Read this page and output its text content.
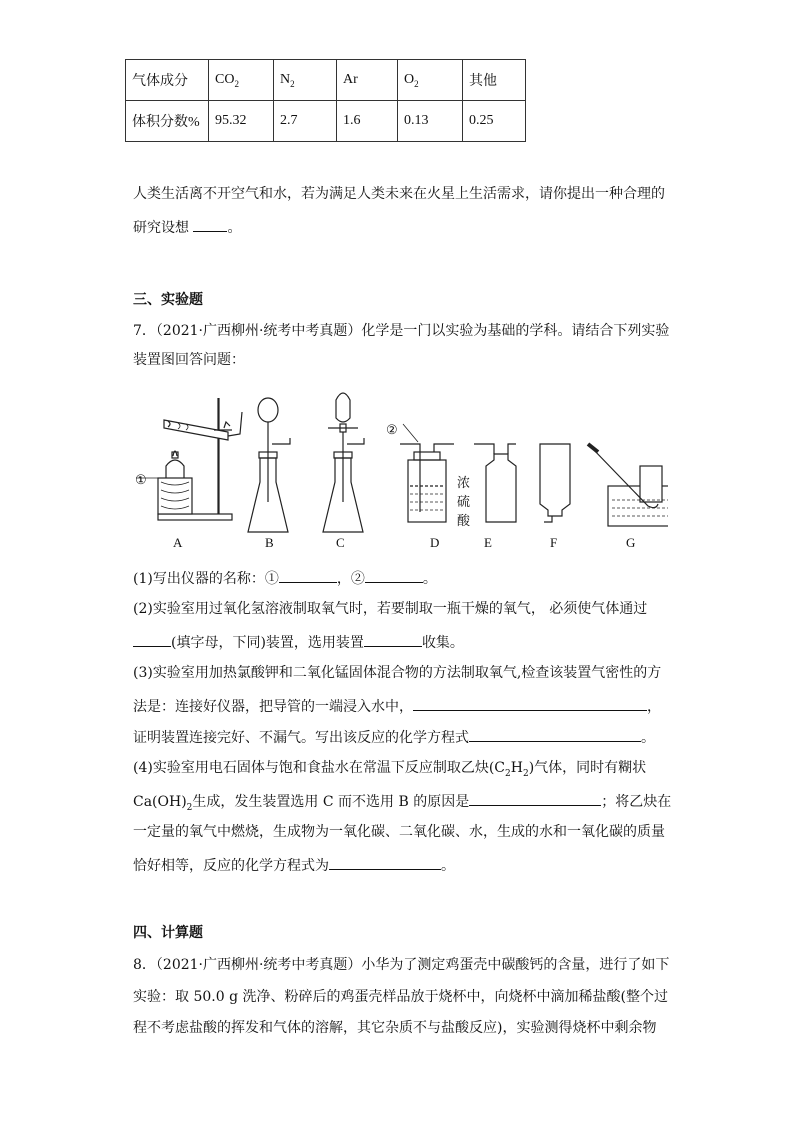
气体成分	$CO_2$	$N_2$	Ar	$O_2$	其他
体积分数%	95.32	2.7	1.6	0.13	0.25
人类生活离不开空气和水，若为满足人类未来在火星上生活需求，请你提出一种合理的
研究设想	。
三、实验题
7．（2021·广西柳州·统考中考真题）化学是一门以实验为基础的学科。请结合下列实验
装置图回答问题：
①
②
浓
硫
酸
A	B	C	D	E	F	G
(1)写出仪器的名称：①	，②	。
(2)实验室用过氧化氢溶液制取氧气时，若要制取一瓶干燥的氧气， 必须使气体通过
(填字母，下同)装置，选用装置	收集。
(3)实验室用加热氯酸钾和二氧化锰固体混合物的方法制取氧气,检查该装置气密性的方
法是：连接好仪器，把导管的一端浸入水中，	，
证明装置连接完好、不漏气。写出该反应的化学方程式	。
(4)实验室用电石固体与饱和食盐水在常温下反应制取乙炔$(C_2H_2)$气体，同时有糊状
$Ca(OH)_2$生成，发生装置选用 C 而不选用 B 的原因是	；将乙炔在
一定量的氧气中燃烧，生成物为一氧化碳、二氧化碳、水，生成的水和一氧化碳的质量
恰好相等，反应的化学方程式为	。
四、计算题
8．（2021·广西柳州·统考中考真题）小华为了测定鸡蛋壳中碳酸钙的含量，进行了如下
实验：取 50.0 g 洗净、粉碎后的鸡蛋壳样品放于烧杯中，向烧杯中滴加稀盐酸(整个过
程不考虑盐酸的挥发和气体的溶解，其它杂质不与盐酸反应)，实验测得烧杯中剩余物
